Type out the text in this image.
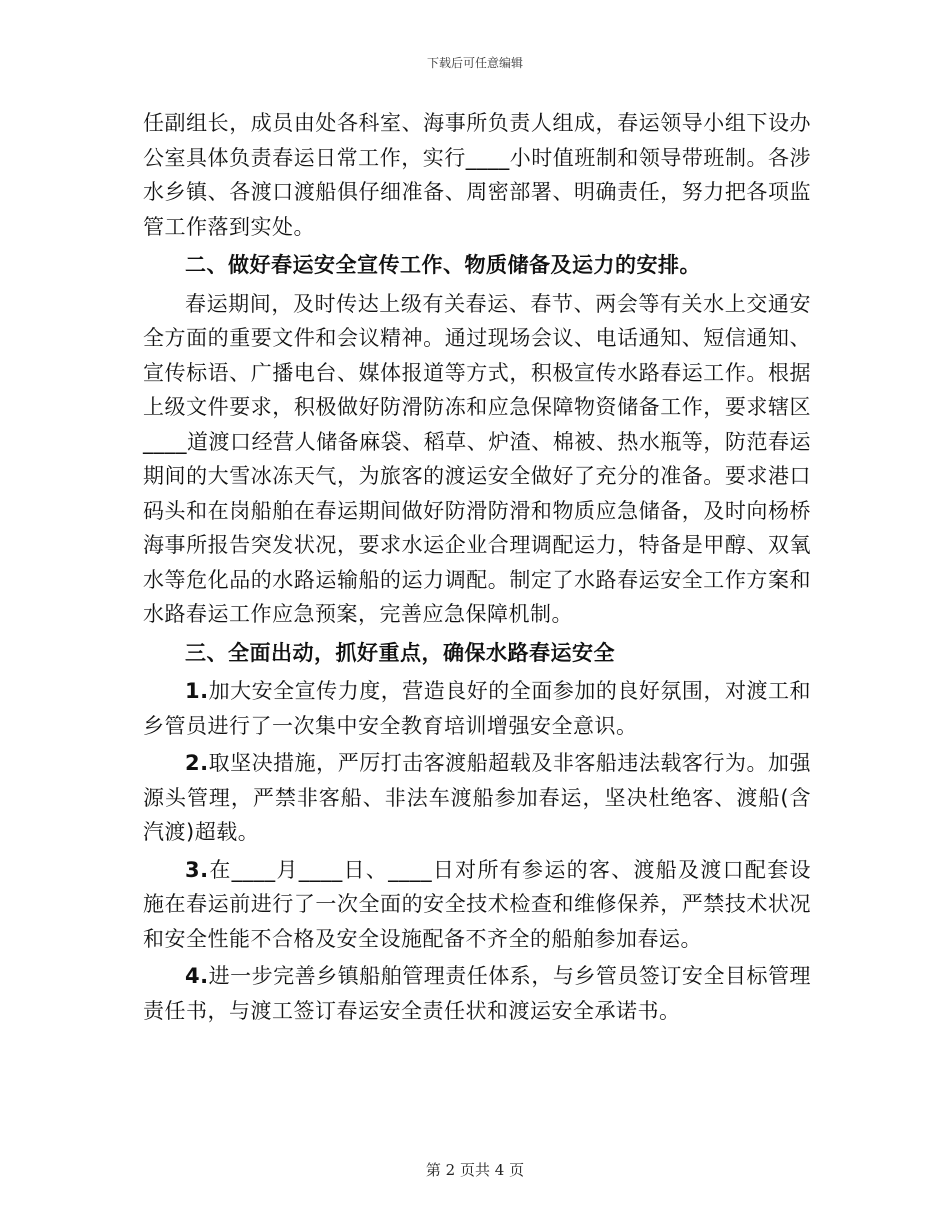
下载后可任意编辑

任副组长，成员由处各科室、海事所负责人组成，春运领导小组下设办公室具体负责春运日常工作，实行____小时值班制和领导带班制。各涉水乡镇、各渡口渡船俱仔细准备、周密部署、明确责任，努力把各项监管工作落到实处。

二、做好春运安全宣传工作、物质储备及运力的安排。

春运期间，及时传达上级有关春运、春节、两会等有关水上交通安全方面的重要文件和会议精神。通过现场会议、电话通知、短信通知、宣传标语、广播电台、媒体报道等方式，积极宣传水路春运工作。根据上级文件要求，积极做好防滑防冻和应急保障物资储备工作，要求辖区____道渡口经营人储备麻袋、稻草、炉渣、棉被、热水瓶等，防范春运期间的大雪冰冻天气，为旅客的渡运安全做好了充分的准备。要求港口码头和在岗船舶在春运期间做好防滑防滑和物质应急储备，及时向杨桥海事所报告突发状况，要求水运企业合理调配运力，特备是甲醇、双氧水等危化品的水路运输船的运力调配。制定了水路春运安全工作方案和水路春运工作应急预案，完善应急保障机制。

三、全面出动，抓好重点，确保水路春运安全

1.加大安全宣传力度，营造良好的全面参加的良好氛围，对渡工和乡管员进行了一次集中安全教育培训增强安全意识。

2.取坚决措施，严厉打击客渡船超载及非客船违法载客行为。加强源头管理，严禁非客船、非法车渡船参加春运，坚决杜绝客、渡船(含汽渡)超载。

3.在____月____日、____日对所有参运的客、渡船及渡口配套设施在春运前进行了一次全面的安全技术检查和维修保养，严禁技术状况和安全性能不合格及安全设施配备不齐全的船舶参加春运。

4.进一步完善乡镇船舶管理责任体系，与乡管员签订安全目标管理责任书，与渡工签订春运安全责任状和渡运安全承诺书。

第 2 页共 4 页
